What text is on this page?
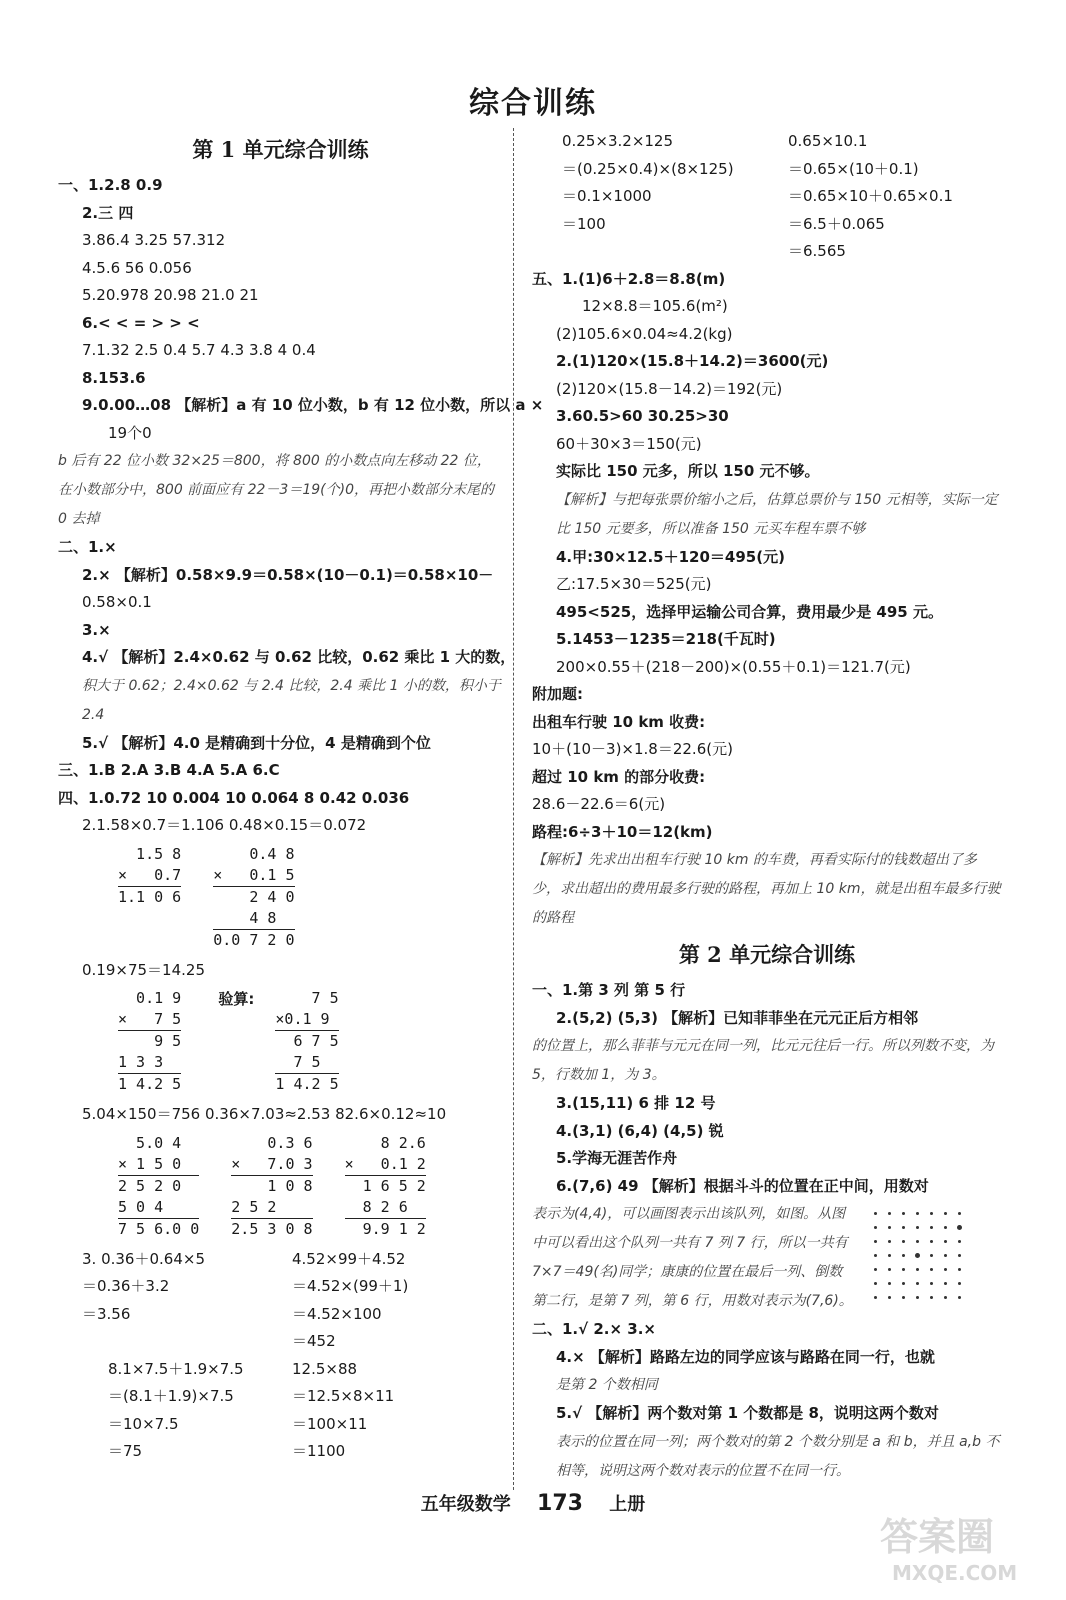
综合训练
第 1 单元综合训练
一、1.2.8 0.9
2.三 四
3.86.4 3.25 57.312
4.5.6 56 0.056
5.20.978 20.98 21.0 21
6.< < = > > <
7.1.32 2.5 0.4 5.7 4.3 3.8 4 0.4
8.153.6
9.0.00…08 【解析】a 有 10 位小数，b 有 12 位小数，所以 a ×
19个0
b 后有 22 位小数 32×25＝800，将 800 的小数点向左移动 22 位，在小数部分中，800 前面应有 22－3＝19(个)0，再把小数部分末尾的 0 去掉
二、1.×
2.× 【解析】0.58×9.9＝0.58×(10－0.1)＝0.58×10－
0.58×0.1
3.×
4.√ 【解析】2.4×0.62 与 0.62 比较，0.62 乘比 1 大的数，
积大于 0.62；2.4×0.62 与 2.4 比较，2.4 乘比 1 小的数，积小于 2.4
5.√ 【解析】4.0 是精确到十分位，4 是精确到个位
三、1.B 2.A 3.B 4.A 5.A 6.C
四、1.0.72 10 0.004 10 0.064 8 0.42 0.036
2.1.58×0.7＝1.106 0.48×0.15＝0.072
1.5 8
×   0.7
1.1 0 6
0.4 8
×   0.1 5
2 4 0
4 8
0.0 7 2 0
0.19×75＝14.25
0.1 9
×   7 5
9 5
1 3 3
1 4.2 5
验算: 7 5
×0.1 9
6 7 5
7 5
1 4.2 5
5.04×150＝756 0.36×7.03≈2.53 82.6×0.12≈10
5.0 4
× 1 5 0
2 5 2 0
5 0 4
7 5 6.0 0
0.3 6
×   7.0 3
1 0 8
2 5 2
2.5 3 0 8
8 2.6
×   0.1 2
1 6 5 2
8 2 6
9.9 1 2
3. 0.36＋0.64×5
＝0.36＋3.2
＝3.56
4.52×99＋4.52
＝4.52×(99＋1)
＝4.52×100
＝452
8.1×7.5＋1.9×7.5
＝(8.1＋1.9)×7.5
＝10×7.5
＝75
12.5×88
＝12.5×8×11
＝100×11
＝1100
0.25×3.2×125
＝(0.25×0.4)×(8×125)
＝0.1×1000
＝100
0.65×10.1
＝0.65×(10＋0.1)
＝0.65×10＋0.65×0.1
＝6.5＋0.065
＝6.565
五、1.(1)6＋2.8＝8.8(m)
12×8.8＝105.6(m²)
(2)105.6×0.04≈4.2(kg)
2.(1)120×(15.8＋14.2)＝3600(元)
(2)120×(15.8－14.2)＝192(元)
3.60.5>60 30.25>30
60＋30×3＝150(元)
实际比 150 元多，所以 150 元不够。
【解析】与把每张票价缩小之后，估算总票价与 150 元相等，实际一定比 150 元要多，所以准备 150 元买车程车票不够
4.甲:30×12.5＋120＝495(元)
乙:17.5×30＝525(元)
495<525，选择甲运输公司合算，费用最少是 495 元。
5.1453－1235＝218(千瓦时)
200×0.55＋(218－200)×(0.55＋0.1)＝121.7(元)
附加题:
出租车行驶 10 km 收费:
10＋(10－3)×1.8＝22.6(元)
超过 10 km 的部分收费:
28.6－22.6＝6(元)
路程:6÷3＋10＝12(km)
【解析】先求出出租车行驶 10 km 的车费，再看实际付的钱数超出了多少，求出超出的费用最多行驶的路程，再加上 10 km，就是出租车最多行驶的路程
第 2 单元综合训练
一、1.第 3 列 第 5 行
2.(5,2) (5,3) 【解析】已知菲菲坐在元元正后方相邻
的位置上，那么菲菲与元元在同一列，比元元往后一行。所以列数不变，为 5，行数加 1，为 3。
3.(15,11) 6 排 12 号
4.(3,1) (6,4) (4,5) 锐
5.学海无涯苦作舟
6.(7,6) 49 【解析】根据斗斗的位置在正中间，用数对
表示为(4,4)，可以画图表示出该队列，如图。从图中可以看出这个队列一共有 7 列 7 行，所以一共有 7×7＝49(名)同学；康康的位置在最后一列、倒数第二行，是第 7 列，第 6 行，用数对表示为(7,6)。
二、1.√ 2.× 3.×
4.× 【解析】路路左边的同学应该与路路在同一行，也就
是第 2 个数相同
5.√ 【解析】两个数对第 1 个数都是 8，说明这两个数对
表示的位置在同一列；两个数对的第 2 个数分别是 a 和 b，并且 a,b 不相等，说明这两个数对表示的位置不在同一行。
五年级数学 173 上册
答案圈
MXQE.COM
